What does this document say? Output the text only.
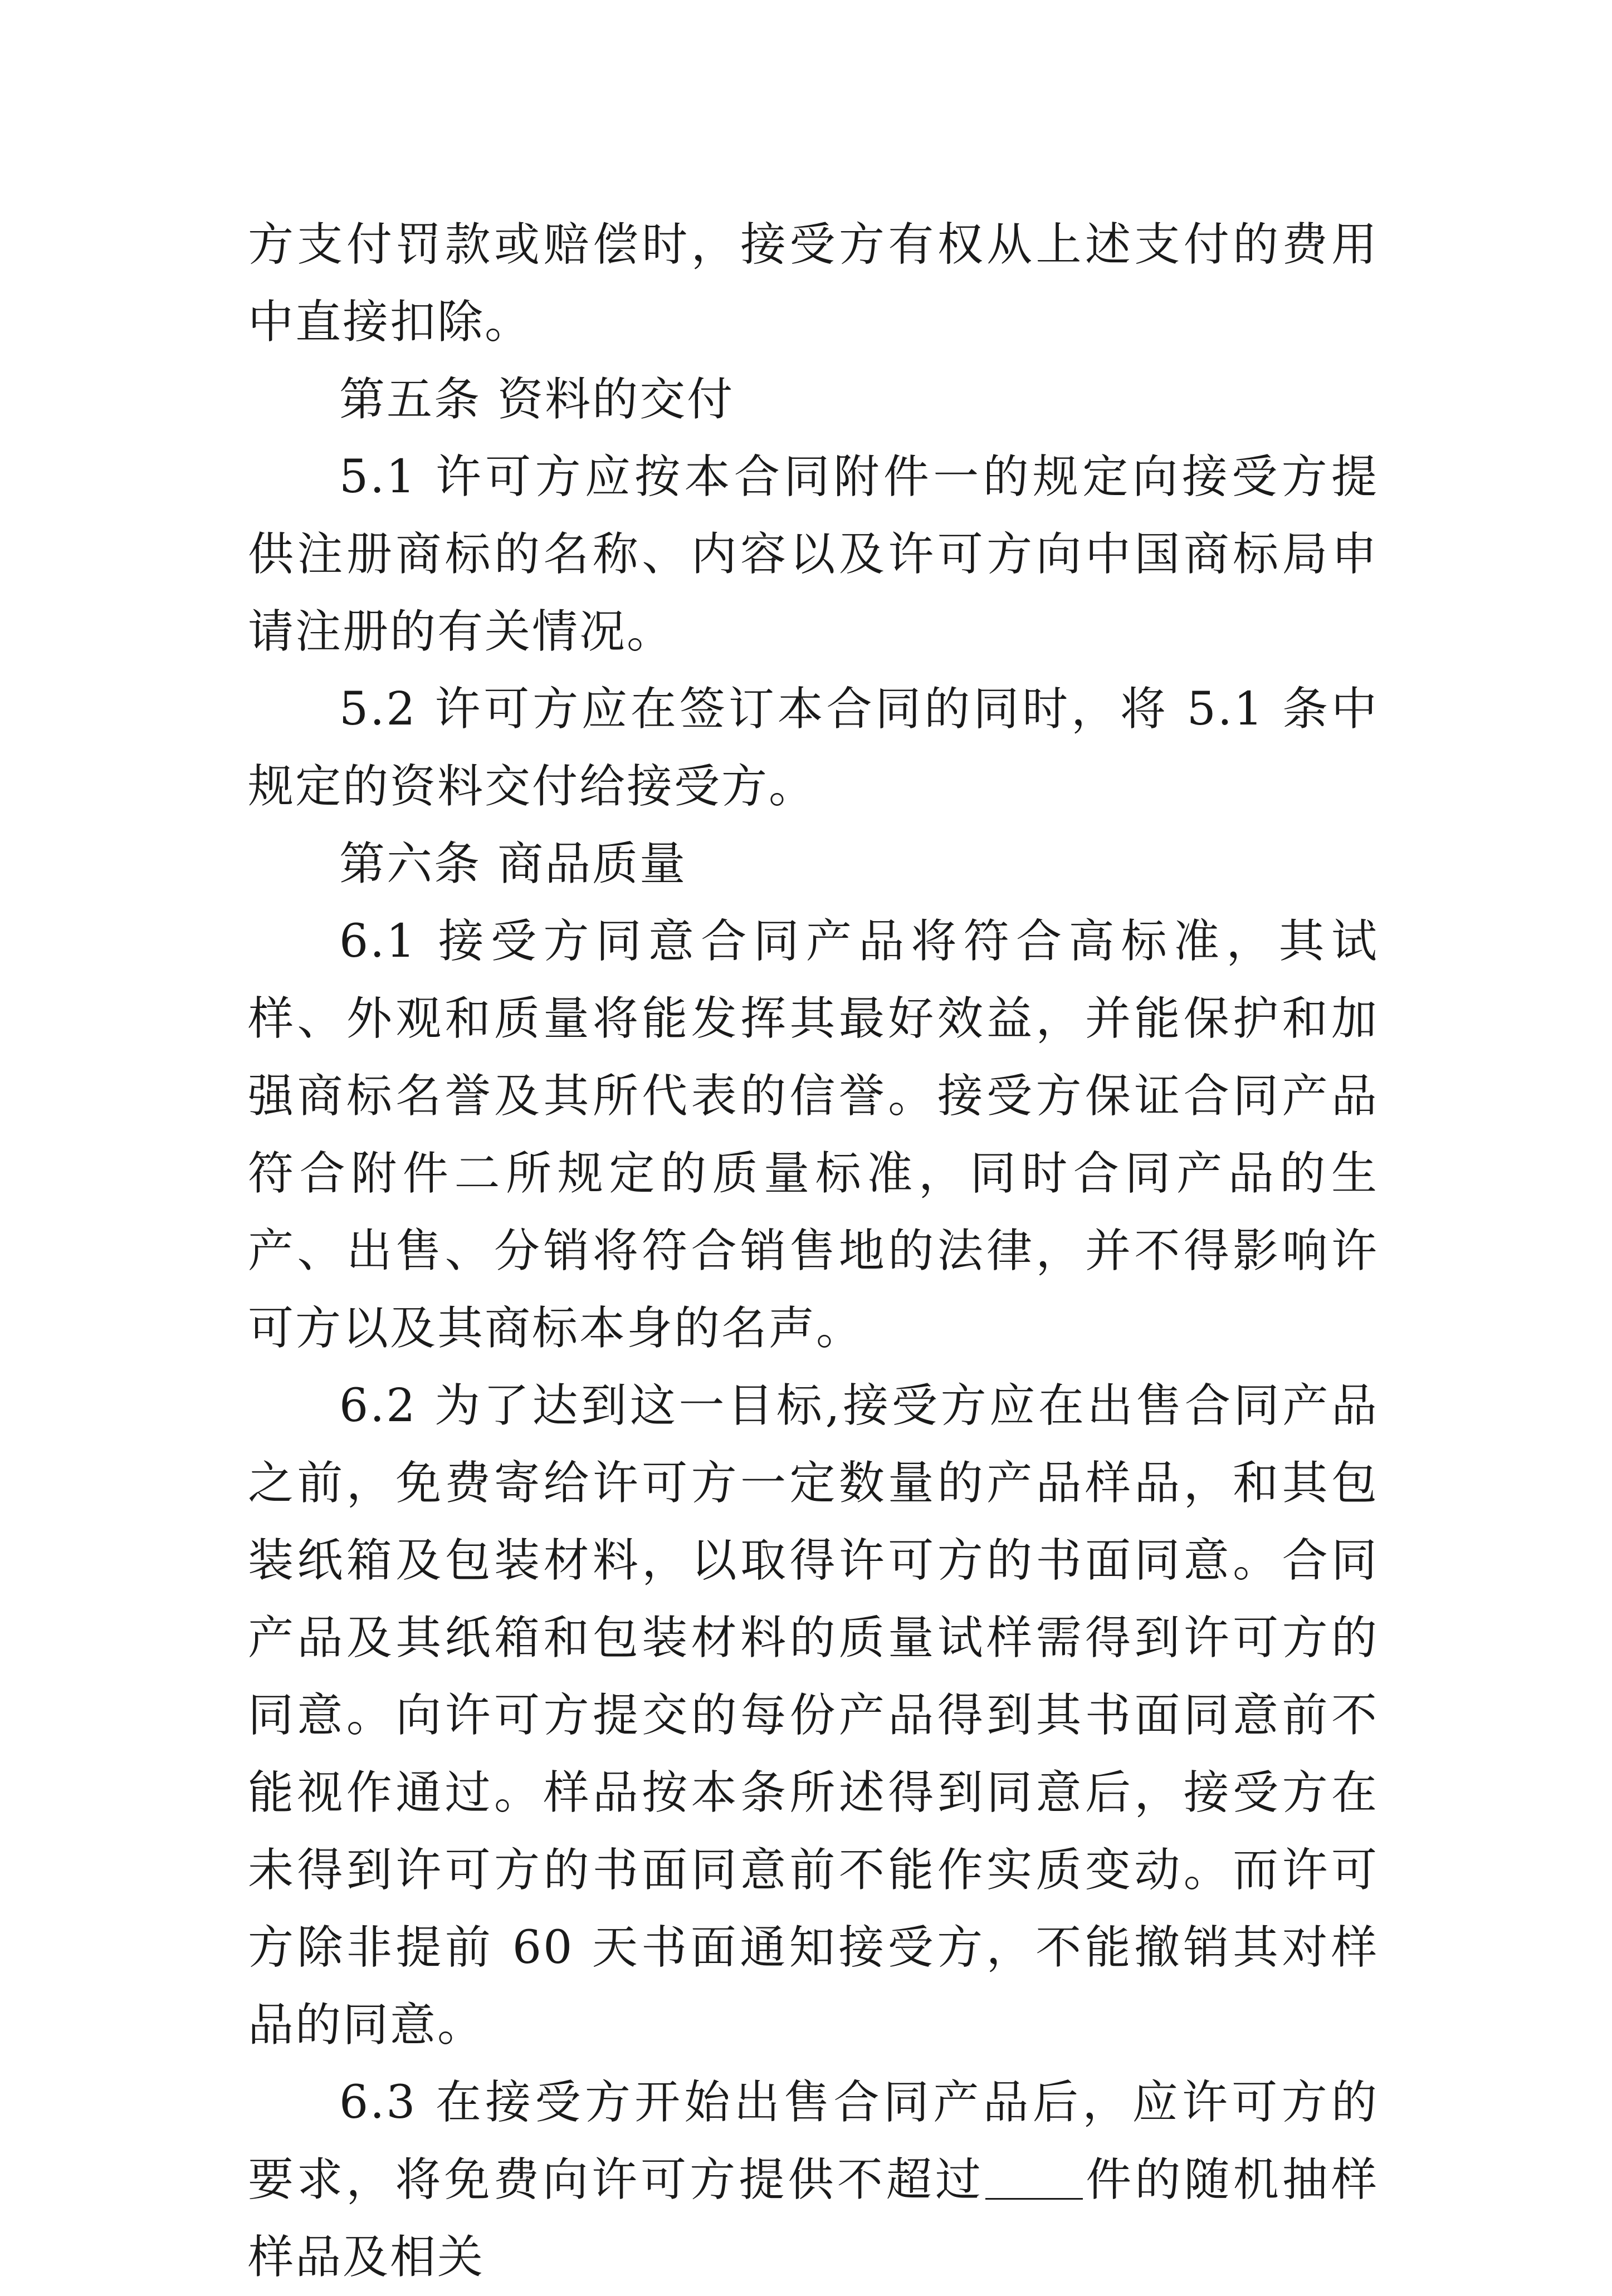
方支付罚款或赔偿时，接受方有权从上述支付的费用中直接扣除。

第五条 资料的交付

5.1 许可方应按本合同附件一的规定向接受方提供注册商标的名称、内容以及许可方向中国商标局申请注册的有关情况。

5.2 许可方应在签订本合同的同时，将 5.1 条中规定的资料交付给接受方。

第六条 商品质量

6.1 接受方同意合同产品将符合高标准，其试样、外观和质量将能发挥其最好效益，并能保护和加强商标名誉及其所代表的信誉。接受方保证合同产品符合附件二所规定的质量标准，同时合同产品的生产、出售、分销将符合销售地的法律，并不得影响许可方以及其商标本身的名声。

6.2 为了达到这一目标,接受方应在出售合同产品之前，免费寄给许可方一定数量的产品样品，和其包装纸箱及包装材料，以取得许可方的书面同意。合同产品及其纸箱和包装材料的质量试样需得到许可方的同意。向许可方提交的每份产品得到其书面同意前不能视作通过。样品按本条所述得到同意后，接受方在未得到许可方的书面同意前不能作实质变动。而许可方除非提前 60 天书面通知接受方，不能撤销其对样品的同意。

6.3 在接受方开始出售合同产品后，应许可方的要求，将免费向许可方提供不超过 件的随机抽样样品及相关
